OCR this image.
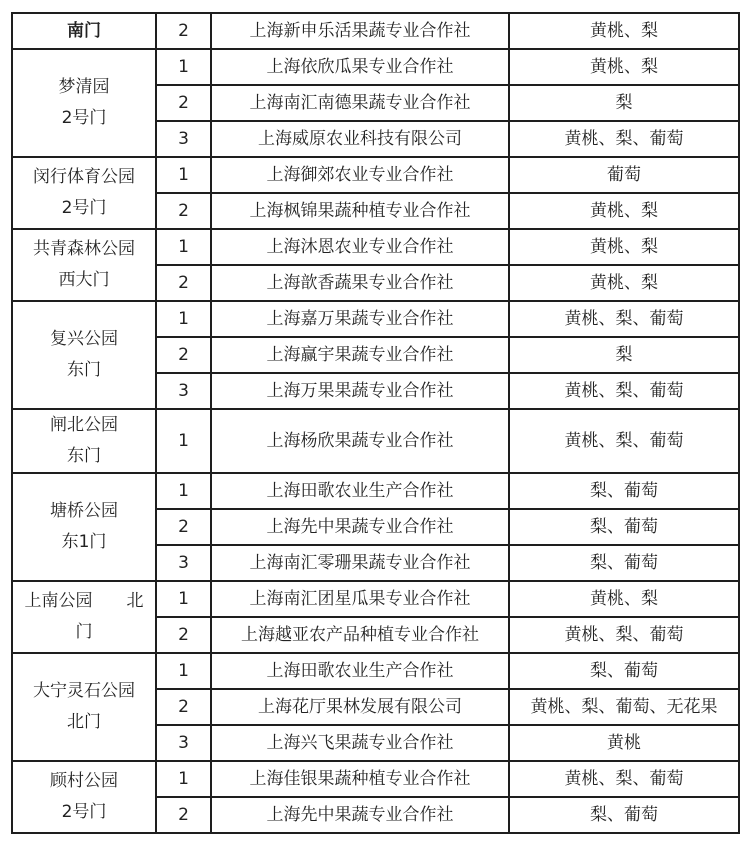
南门	2	上海新申乐活果蔬专业合作社	黄桃、梨
梦清园
2号门	1	上海依欣瓜果专业合作社	黄桃、梨
	2	上海南汇南德果蔬专业合作社	梨
	3	上海威原农业科技有限公司	黄桃、梨、葡萄
闵行体育公园
2号门	1	上海御郊农业专业合作社	葡萄
	2	上海枫锦果蔬种植专业合作社	黄桃、梨
共青森林公园
西大门	1	上海沐恩农业专业合作社	黄桃、梨
	2	上海歆香蔬果专业合作社	黄桃、梨
复兴公园
东门	1	上海嘉万果蔬专业合作社	黄桃、梨、葡萄
	2	上海赢宇果蔬专业合作社	梨
	3	上海万果果蔬专业合作社	黄桃、梨、葡萄
闸北公园
东门	1	上海杨欣果蔬专业合作社	黄桃、梨、葡萄
塘桥公园
东1门	1	上海田歌农业生产合作社	梨、葡萄
	2	上海先中果蔬专业合作社	梨、葡萄
	3	上海南汇零珊果蔬专业合作社	梨、葡萄
上南公园　　北
门	1	上海南汇团星瓜果专业合作社	黄桃、梨
	2	上海越亚农产品种植专业合作社	黄桃、梨、葡萄
大宁灵石公园
北门	1	上海田歌农业生产合作社	梨、葡萄
	2	上海花厅果林发展有限公司	黄桃、梨、葡萄、无花果
	3	上海兴飞果蔬专业合作社	黄桃
顾村公园
2号门	1	上海佳银果蔬种植专业合作社	黄桃、梨、葡萄
	2	上海先中果蔬专业合作社	梨、葡萄
